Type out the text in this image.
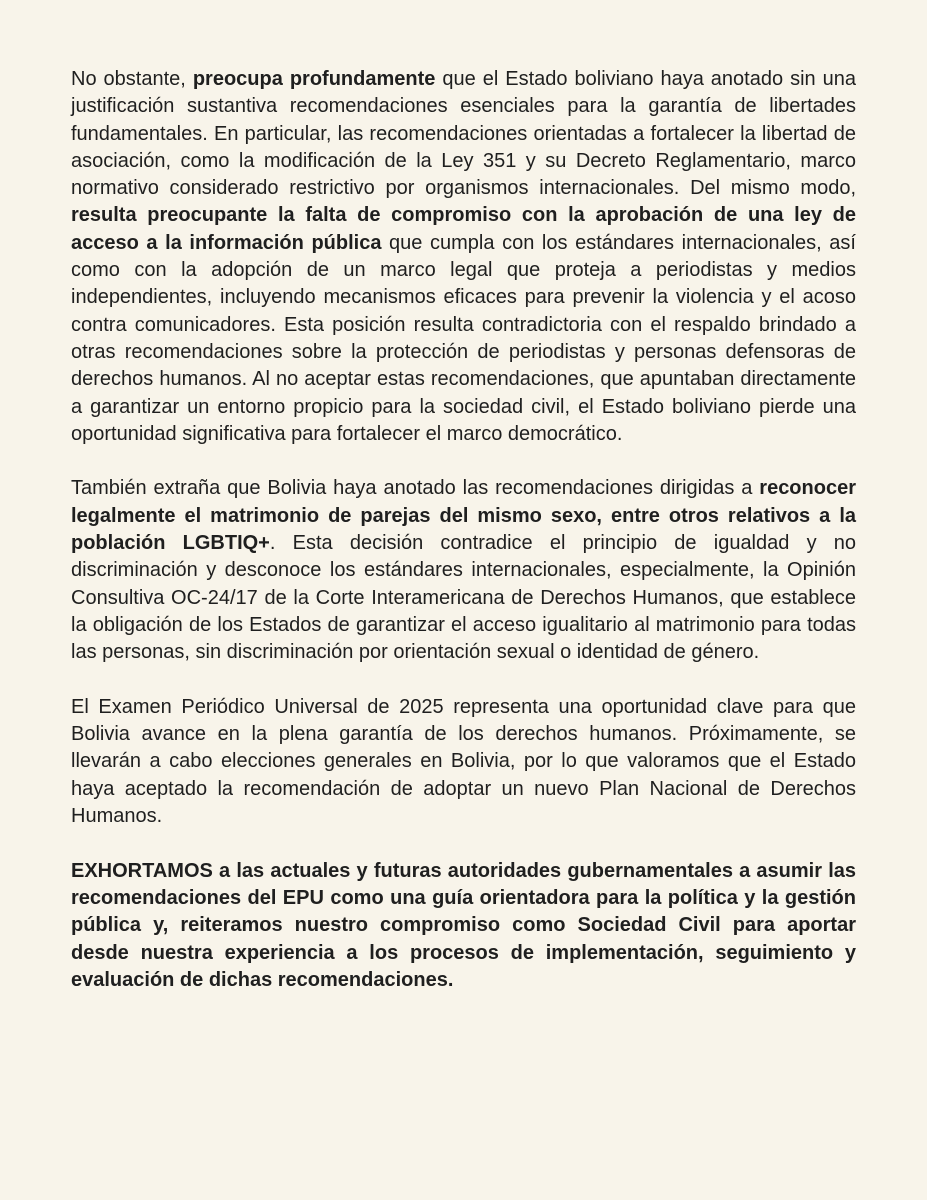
No obstante, preocupa profundamente que el Estado boliviano haya anotado sin una justificación sustantiva recomendaciones esenciales para la garantía de libertades fundamentales. En particular, las recomendaciones orientadas a fortalecer la libertad de asociación, como la modificación de la Ley 351 y su Decreto Reglamentario, marco normativo considerado restrictivo por organismos internacionales. Del mismo modo, resulta preocupante la falta de compromiso con la aprobación de una ley de acceso a la información pública que cumpla con los estándares internacionales, así como con la adopción de un marco legal que proteja a periodistas y medios independientes, incluyendo mecanismos eficaces para prevenir la violencia y el acoso contra comunicadores. Esta posición resulta contradictoria con el respaldo brindado a otras recomendaciones sobre la protección de periodistas y personas defensoras de derechos humanos. Al no aceptar estas recomendaciones, que apuntaban directamente a garantizar un entorno propicio para la sociedad civil, el Estado boliviano pierde una oportunidad significativa para fortalecer el marco democrático.

También extraña que Bolivia haya anotado las recomendaciones dirigidas a reconocer legalmente el matrimonio de parejas del mismo sexo, entre otros relativos a la población LGBTIQ+. Esta decisión contradice el principio de igualdad y no discriminación y desconoce los estándares internacionales, especialmente, la Opinión Consultiva OC-24/17 de la Corte Interamericana de Derechos Humanos, que establece la obligación de los Estados de garantizar el acceso igualitario al matrimonio para todas las personas, sin discriminación por orientación sexual o identidad de género.

El Examen Periódico Universal de 2025 representa una oportunidad clave para que Bolivia avance en la plena garantía de los derechos humanos. Próximamente, se llevarán a cabo elecciones generales en Bolivia, por lo que valoramos que el Estado haya aceptado la recomendación de adoptar un nuevo Plan Nacional de Derechos Humanos.

EXHORTAMOS a las actuales y futuras autoridades gubernamentales a asumir las recomendaciones del EPU como una guía orientadora para la política y la gestión pública y, reiteramos nuestro compromiso como Sociedad Civil para aportar desde nuestra experiencia a los procesos de implementación, seguimiento y evaluación de dichas recomendaciones.
